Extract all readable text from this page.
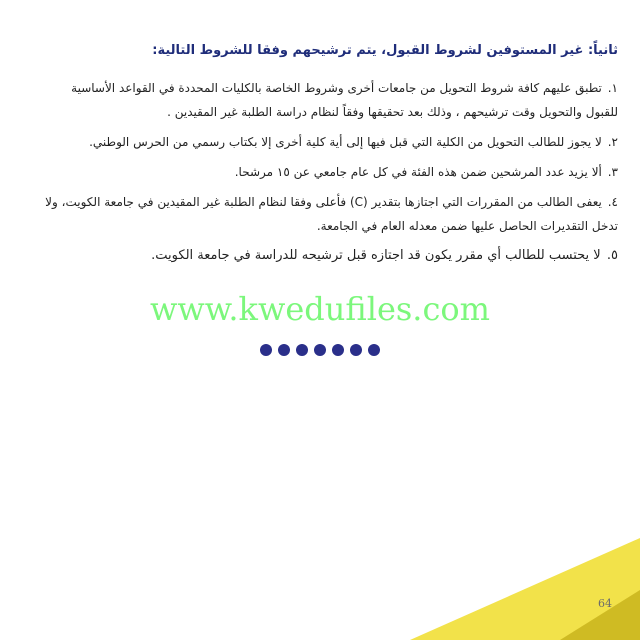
ثانياً: غير المستوفين لشروط القبول، يتم ترشيحهم وفقا للشروط التالية:
١. تطبق عليهم كافة شروط التحويل من جامعات أخرى وشروط الخاصة بالكليات المحددة في القواعد الأساسية
للقبول والتحويل وقت ترشيحهم ، وذلك بعد تحقيقها وفقاً لنظام دراسة الطلبة غير المقيدين .
٢. لا يجوز للطالب التحويل من الكلية التي قبل فيها إلى أية كلية أخرى إلا بكتاب رسمي من الحرس الوطني.
٣. ألا يزيد عدد المرشحين ضمن هذه الفئة في كل عام جامعي عن ١٥ مرشحا.
٤. يعفى الطالب من المقررات التي اجتازها بتقدير (C) فأعلى وفقا لنظام الطلبة غير المقيدين في جامعة الكويت، ولا
تدخل التقديرات الحاصل عليها ضمن معدله العام في الجامعة.
٥. لا يحتسب للطالب أي مقرر يكون قد اجتازه قبل ترشيحه للدراسة في جامعة الكويت.
www.kwedufiles.com
64
